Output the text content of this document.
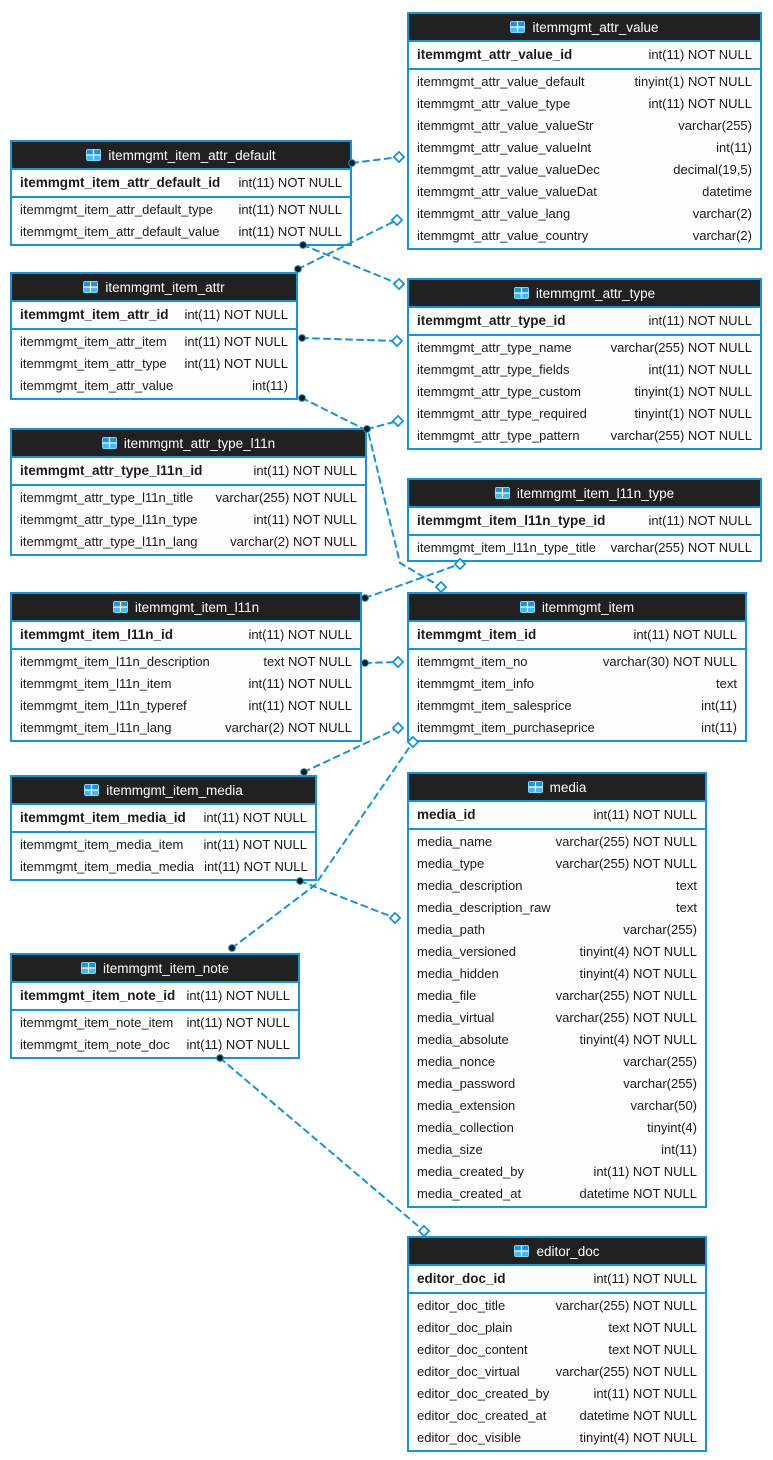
itemmgmt_attr_value
itemmgmt_attr_value_id	int(11) NOT NULL
itemmgmt_attr_value_default	tinyint(1) NOT NULL
itemmgmt_attr_value_type	int(11) NOT NULL
itemmgmt_attr_value_valueStr	varchar(255)
itemmgmt_attr_value_valueInt	int(11)
itemmgmt_attr_value_valueDec	decimal(19,5)
itemmgmt_attr_value_valueDat	datetime
itemmgmt_attr_value_lang	varchar(2)
itemmgmt_attr_value_country	varchar(2)
itemmgmt_item_attr_default
itemmgmt_item_attr_default_id	int(11) NOT NULL
itemmgmt_item_attr_default_type	int(11) NOT NULL
itemmgmt_item_attr_default_value	int(11) NOT NULL
itemmgmt_item_attr
itemmgmt_item_attr_id	int(11) NOT NULL
itemmgmt_item_attr_item	int(11) NOT NULL
itemmgmt_item_attr_type	int(11) NOT NULL
itemmgmt_item_attr_value	int(11)
itemmgmt_attr_type
itemmgmt_attr_type_id	int(11) NOT NULL
itemmgmt_attr_type_name	varchar(255) NOT NULL
itemmgmt_attr_type_fields	int(11) NOT NULL
itemmgmt_attr_type_custom	tinyint(1) NOT NULL
itemmgmt_attr_type_required	tinyint(1) NOT NULL
itemmgmt_attr_type_pattern	varchar(255) NOT NULL
itemmgmt_attr_type_l11n
itemmgmt_attr_type_l11n_id	int(11) NOT NULL
itemmgmt_attr_type_l11n_title	varchar(255) NOT NULL
itemmgmt_attr_type_l11n_type	int(11) NOT NULL
itemmgmt_attr_type_l11n_lang	varchar(2) NOT NULL
itemmgmt_item_l11n_type
itemmgmt_item_l11n_type_id	int(11) NOT NULL
itemmgmt_item_l11n_type_title	varchar(255) NOT NULL
itemmgmt_item_l11n
itemmgmt_item_l11n_id	int(11) NOT NULL
itemmgmt_item_l11n_description	text NOT NULL
itemmgmt_item_l11n_item	int(11) NOT NULL
itemmgmt_item_l11n_typeref	int(11) NOT NULL
itemmgmt_item_l11n_lang	varchar(2) NOT NULL
itemmgmt_item
itemmgmt_item_id	int(11) NOT NULL
itemmgmt_item_no	varchar(30) NOT NULL
itemmgmt_item_info	text
itemmgmt_item_salesprice	int(11)
itemmgmt_item_purchaseprice	int(11)
itemmgmt_item_media
itemmgmt_item_media_id	int(11) NOT NULL
itemmgmt_item_media_item	int(11) NOT NULL
itemmgmt_item_media_media int(11) NOT NULL
media
media_id	int(11) NOT NULL
media_name	varchar(255) NOT NULL
media_type	varchar(255) NOT NULL
media_description	text
media_description_raw	text
media_path	varchar(255)
media_versioned	tinyint(4) NOT NULL
media_hidden	tinyint(4) NOT NULL
media_file	varchar(255) NOT NULL
media_virtual	varchar(255) NOT NULL
media_absolute	tinyint(4) NOT NULL
media_nonce	varchar(255)
media_password	varchar(255)
media_extension	varchar(50)
media_collection	tinyint(4)
media_size	int(11)
media_created_by	int(11) NOT NULL
media_created_at	datetime NOT NULL
itemmgmt_item_note
itemmgmt_item_note_id int(11) NOT NULL
itemmgmt_item_note_item int(11) NOT NULL
itemmgmt_item_note_doc	int(11) NOT NULL
editor_doc
editor_doc_id	int(11) NOT NULL
editor_doc_title	varchar(255) NOT NULL
editor_doc_plain	text NOT NULL
editor_doc_content	text NOT NULL
editor_doc_virtual	varchar(255) NOT NULL
editor_doc_created_by	int(11) NOT NULL
editor_doc_created_at	datetime NOT NULL
editor_doc_visible	tinyint(4) NOT NULL
